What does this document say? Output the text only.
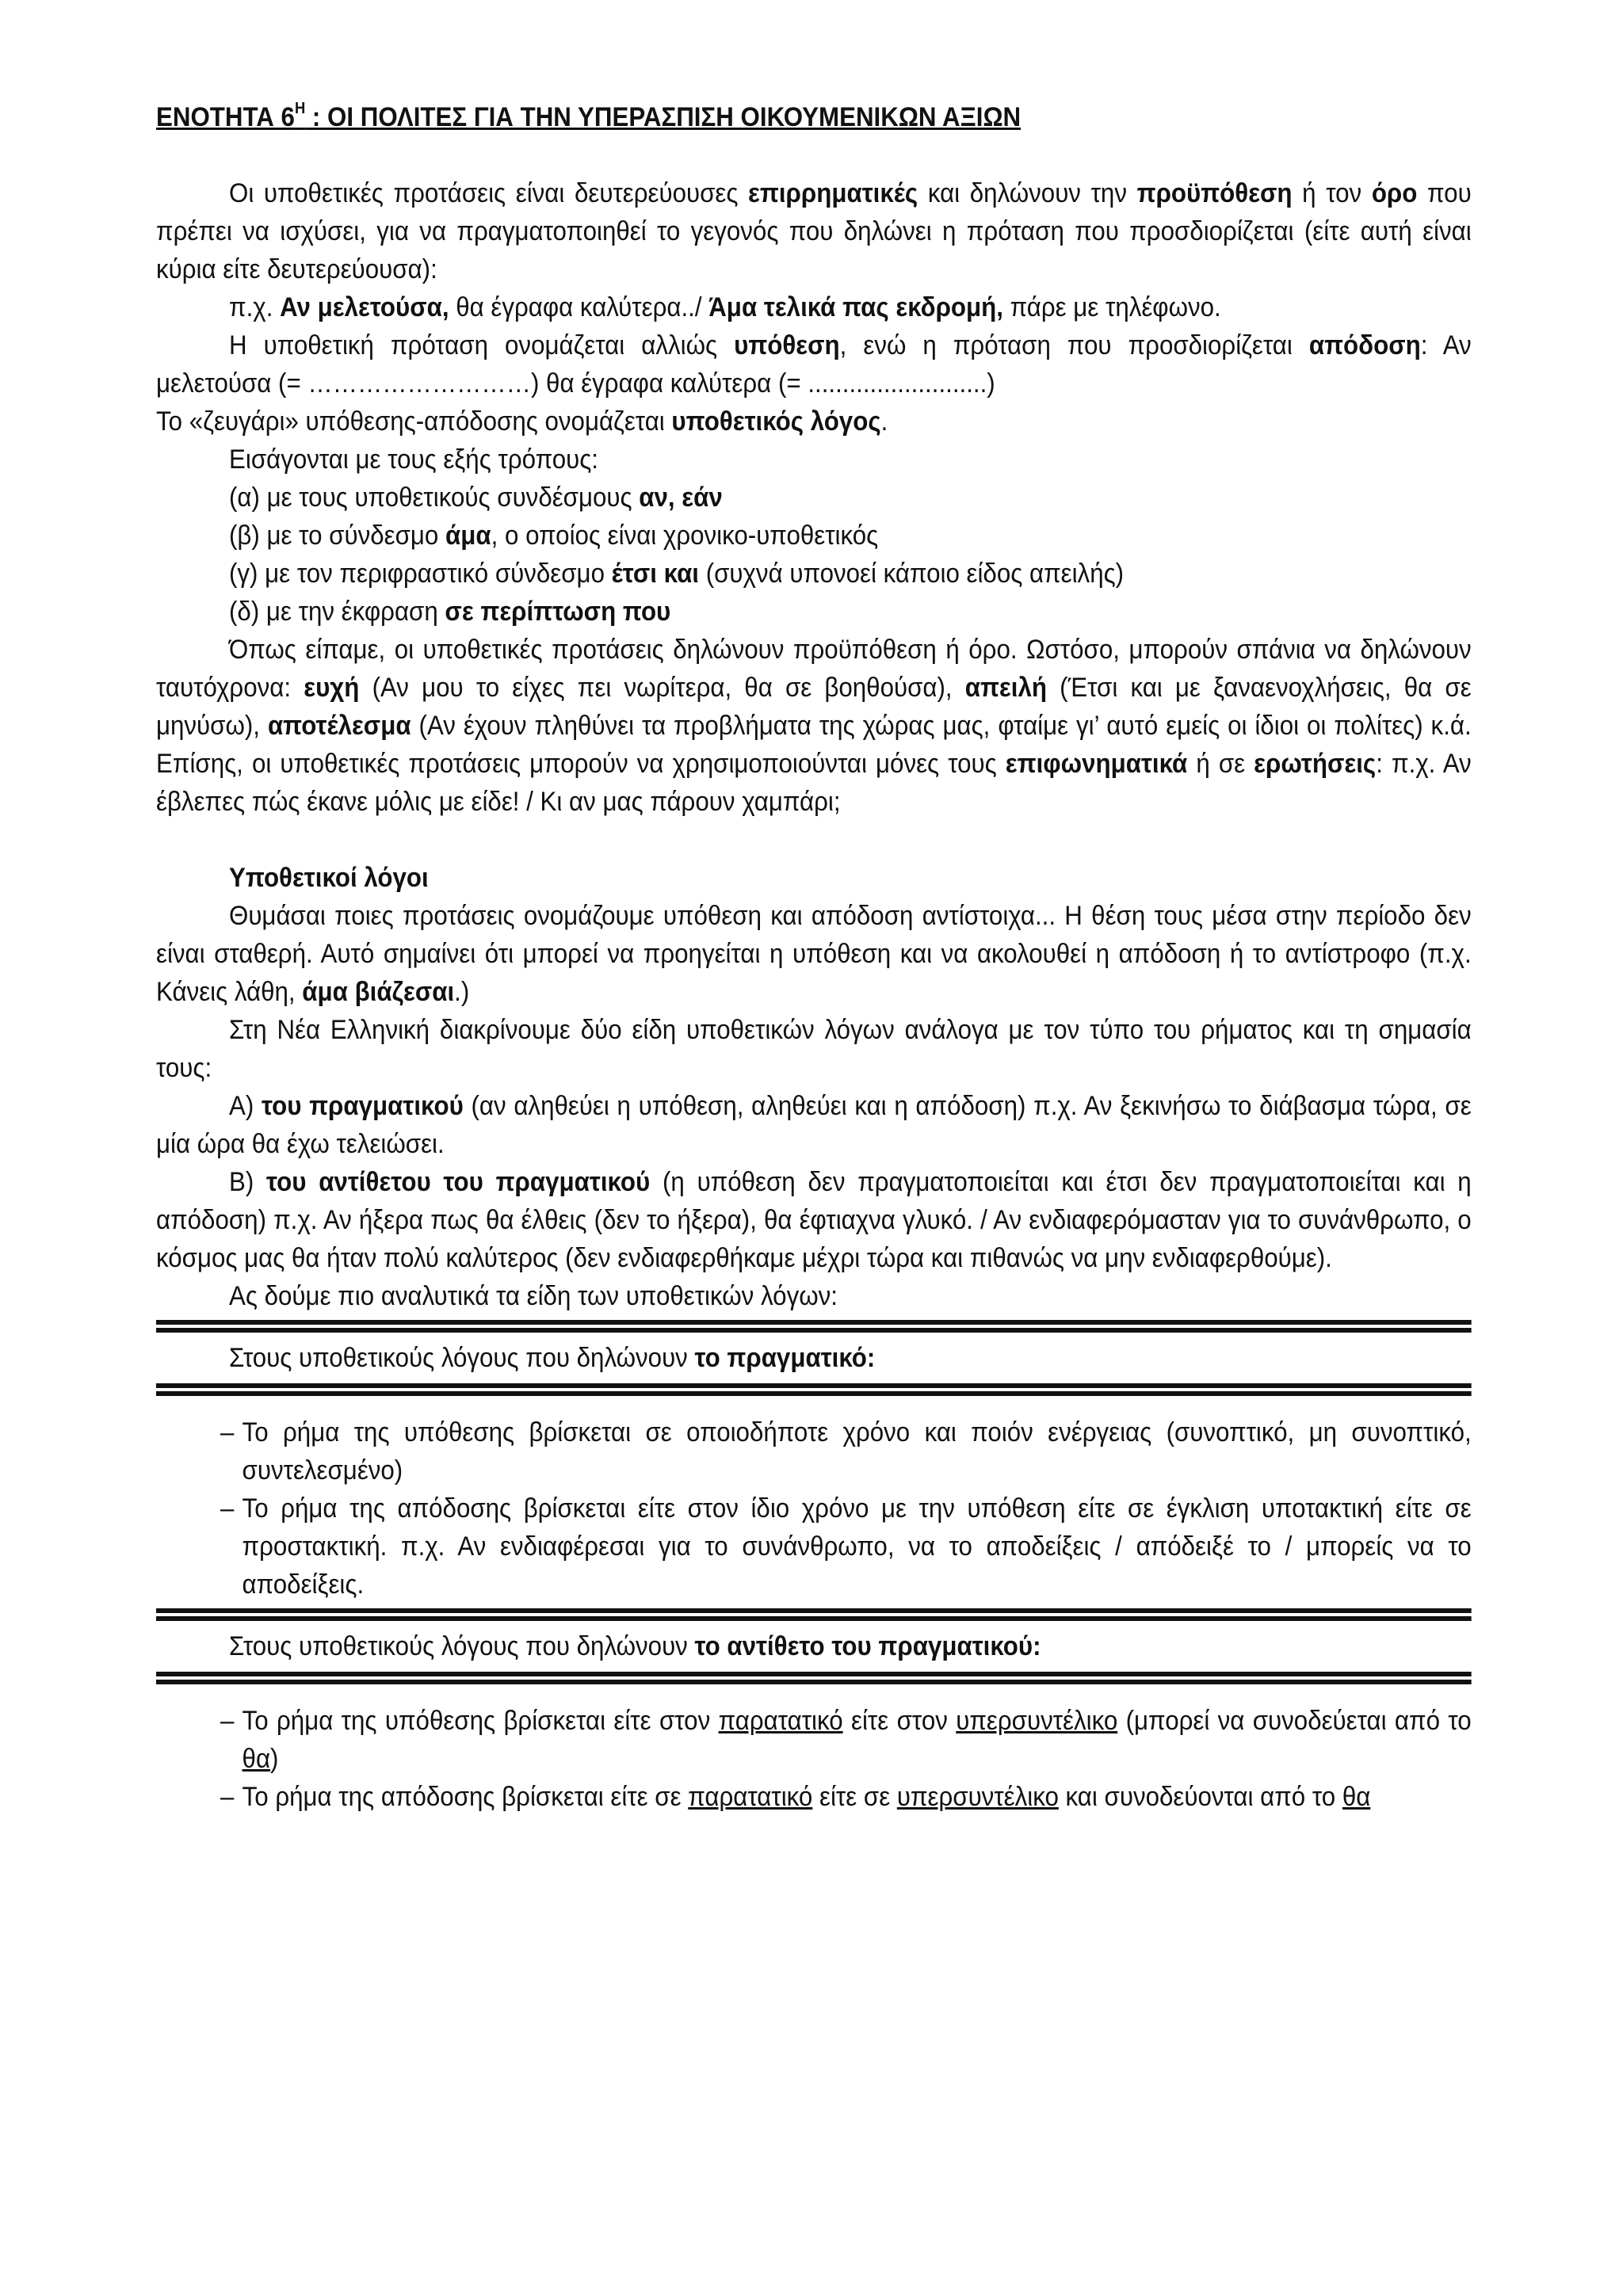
ΕΝΟΤΗΤΑ $6^H$ : ΟΙ ΠΟΛΙΤΕΣ ΓΙΑ ΤΗΝ ΥΠΕΡΑΣΠΙΣΗ ΟΙΚΟΥΜΕΝΙΚΩΝ ΑΞΙΩΝ

Οι υποθετικές προτάσεις είναι δευτερεύουσες επιρρηματικές και δηλώνουν την προϋπόθεση ή τον όρο που πρέπει να ισχύσει, για να πραγματοποιηθεί το γεγονός που δηλώνει η πρόταση που προσδιορίζεται (είτε αυτή είναι κύρια είτε δευτερεύουσα):

π.χ. Αν μελετούσα, θα έγραφα καλύτερα../ Άμα τελικά πας εκδρομή, πάρε με τηλέφωνο.

Η υποθετική πρόταση ονομάζεται αλλιώς υπόθεση, ενώ η πρόταση που προσδιορίζεται απόδοση: Αν μελετούσα (= ………………………) θα έγραφα καλύτερα (= ..........................)

Το «ζευγάρι» υπόθεσης-απόδοσης ονομάζεται υποθετικός λόγος.

Εισάγονται με τους εξής τρόπους:

(α) με τους υποθετικούς συνδέσμους αν, εάν

(β) με το σύνδεσμο άμα, ο οποίος είναι χρονικο-υποθετικός

(γ) με τον περιφραστικό σύνδεσμο έτσι και (συχνά υπονοεί κάποιο είδος απειλής)

(δ) με την έκφραση σε περίπτωση που

Όπως είπαμε, οι υποθετικές προτάσεις δηλώνουν προϋπόθεση ή όρο. Ωστόσο, μπορούν σπάνια να δηλώνουν ταυτόχρονα: ευχή (Αν μου το είχες πει νωρίτερα, θα σε βοηθούσα), απειλή (Έτσι και με ξαναενοχλήσεις, θα σε μηνύσω), αποτέλεσμα (Αν έχουν πληθύνει τα προβλήματα της χώρας μας, φταίμε γι’ αυτό εμείς οι ίδιοι οι πολίτες) κ.ά. Επίσης, οι υποθετικές προτάσεις μπορούν να χρησιμοποιούνται μόνες τους επιφωνηματικά ή σε ερωτήσεις: π.χ. Αν έβλεπες πώς έκανε μόλις με είδε! / Κι αν μας πάρουν χαμπάρι;

Υποθετικοί λόγοι

Θυμάσαι ποιες προτάσεις ονομάζουμε υπόθεση και απόδοση αντίστοιχα... Η θέση τους μέσα στην περίοδο δεν είναι σταθερή. Αυτό σημαίνει ότι μπορεί να προηγείται η υπόθεση και να ακολουθεί η απόδοση ή το αντίστροφο (π.χ. Κάνεις λάθη, άμα βιάζεσαι.)

Στη Νέα Ελληνική διακρίνουμε δύο είδη υποθετικών λόγων ανάλογα με τον τύπο του ρήματος και τη σημασία τους:

Α) του πραγματικού (αν αληθεύει η υπόθεση, αληθεύει και η απόδοση) π.χ. Αν ξεκινήσω το διάβασμα τώρα, σε μία ώρα θα έχω τελειώσει.

Β) του αντίθετου του πραγματικού (η υπόθεση δεν πραγματοποιείται και έτσι δεν πραγματοποιείται και η απόδοση) π.χ. Αν ήξερα πως θα έλθεις (δεν το ήξερα), θα έφτιαχνα γλυκό. / Αν ενδιαφερόμασταν για το συνάνθρωπο, ο κόσμος μας θα ήταν πολύ καλύτερος (δεν ενδιαφερθήκαμε μέχρι τώρα και πιθανώς να μην ενδιαφερθούμε).

Ας δούμε πιο αναλυτικά τα είδη των υποθετικών λόγων:

Στους υποθετικούς λόγους που δηλώνουν το πραγματικό:

– Το ρήμα της υπόθεσης βρίσκεται σε οποιοδήποτε χρόνο και ποιόν ενέργειας (συνοπτικό, μη συνοπτικό, συντελεσμένο)
– Το ρήμα της απόδοσης βρίσκεται είτε στον ίδιο χρόνο με την υπόθεση είτε σε έγκλιση υποτακτική είτε σε προστακτική. π.χ. Αν ενδιαφέρεσαι για το συνάνθρωπο, να το αποδείξεις / απόδειξέ το / μπορείς να το αποδείξεις.

Στους υποθετικούς λόγους που δηλώνουν το αντίθετο του πραγματικού:

– Το ρήμα της υπόθεσης βρίσκεται είτε στον παρατατικό είτε στον υπερσυντέλικο (μπορεί να συνοδεύεται από το θα)
– Το ρήμα της απόδοσης βρίσκεται είτε σε παρατατικό είτε σε υπερσυντέλικο και συνοδεύονται από το θα
